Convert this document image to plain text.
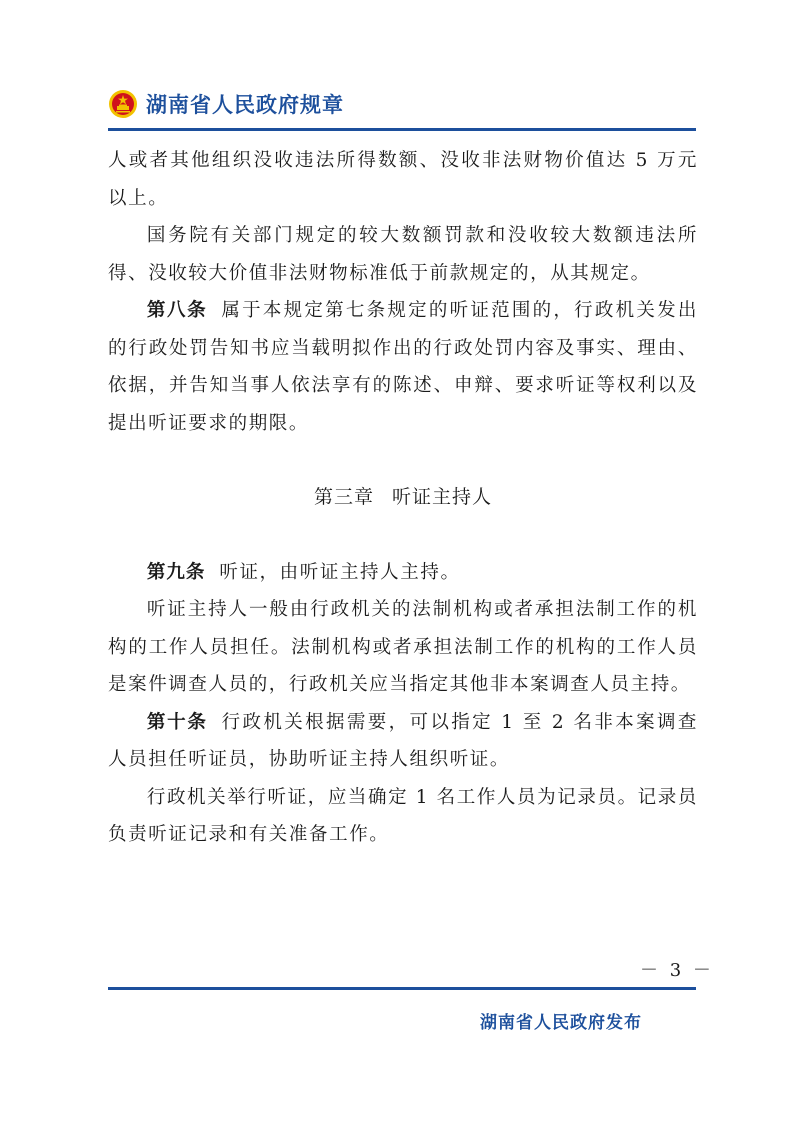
湖南省人民政府规章

人或者其他组织没收违法所得数额、没收非法财物价值达 5 万元以上。

国务院有关部门规定的较大数额罚款和没收较大数额违法所得、没收较大价值非法财物标准低于前款规定的，从其规定。

第八条 属于本规定第七条规定的听证范围的，行政机关发出的行政处罚告知书应当载明拟作出的行政处罚内容及事实、理由、依据，并告知当事人依法享有的陈述、申辩、要求听证等权利以及提出听证要求的期限。

第三章 听证主持人

第九条 听证，由听证主持人主持。

听证主持人一般由行政机关的法制机构或者承担法制工作的机构的工作人员担任。法制机构或者承担法制工作的机构的工作人员是案件调查人员的，行政机关应当指定其他非本案调查人员主持。

第十条 行政机关根据需要，可以指定 1 至 2 名非本案调查人员担任听证员，协助听证主持人组织听证。

行政机关举行听证，应当确定 1 名工作人员为记录员。记录员负责听证记录和有关准备工作。

－ 3 －
湖南省人民政府发布
